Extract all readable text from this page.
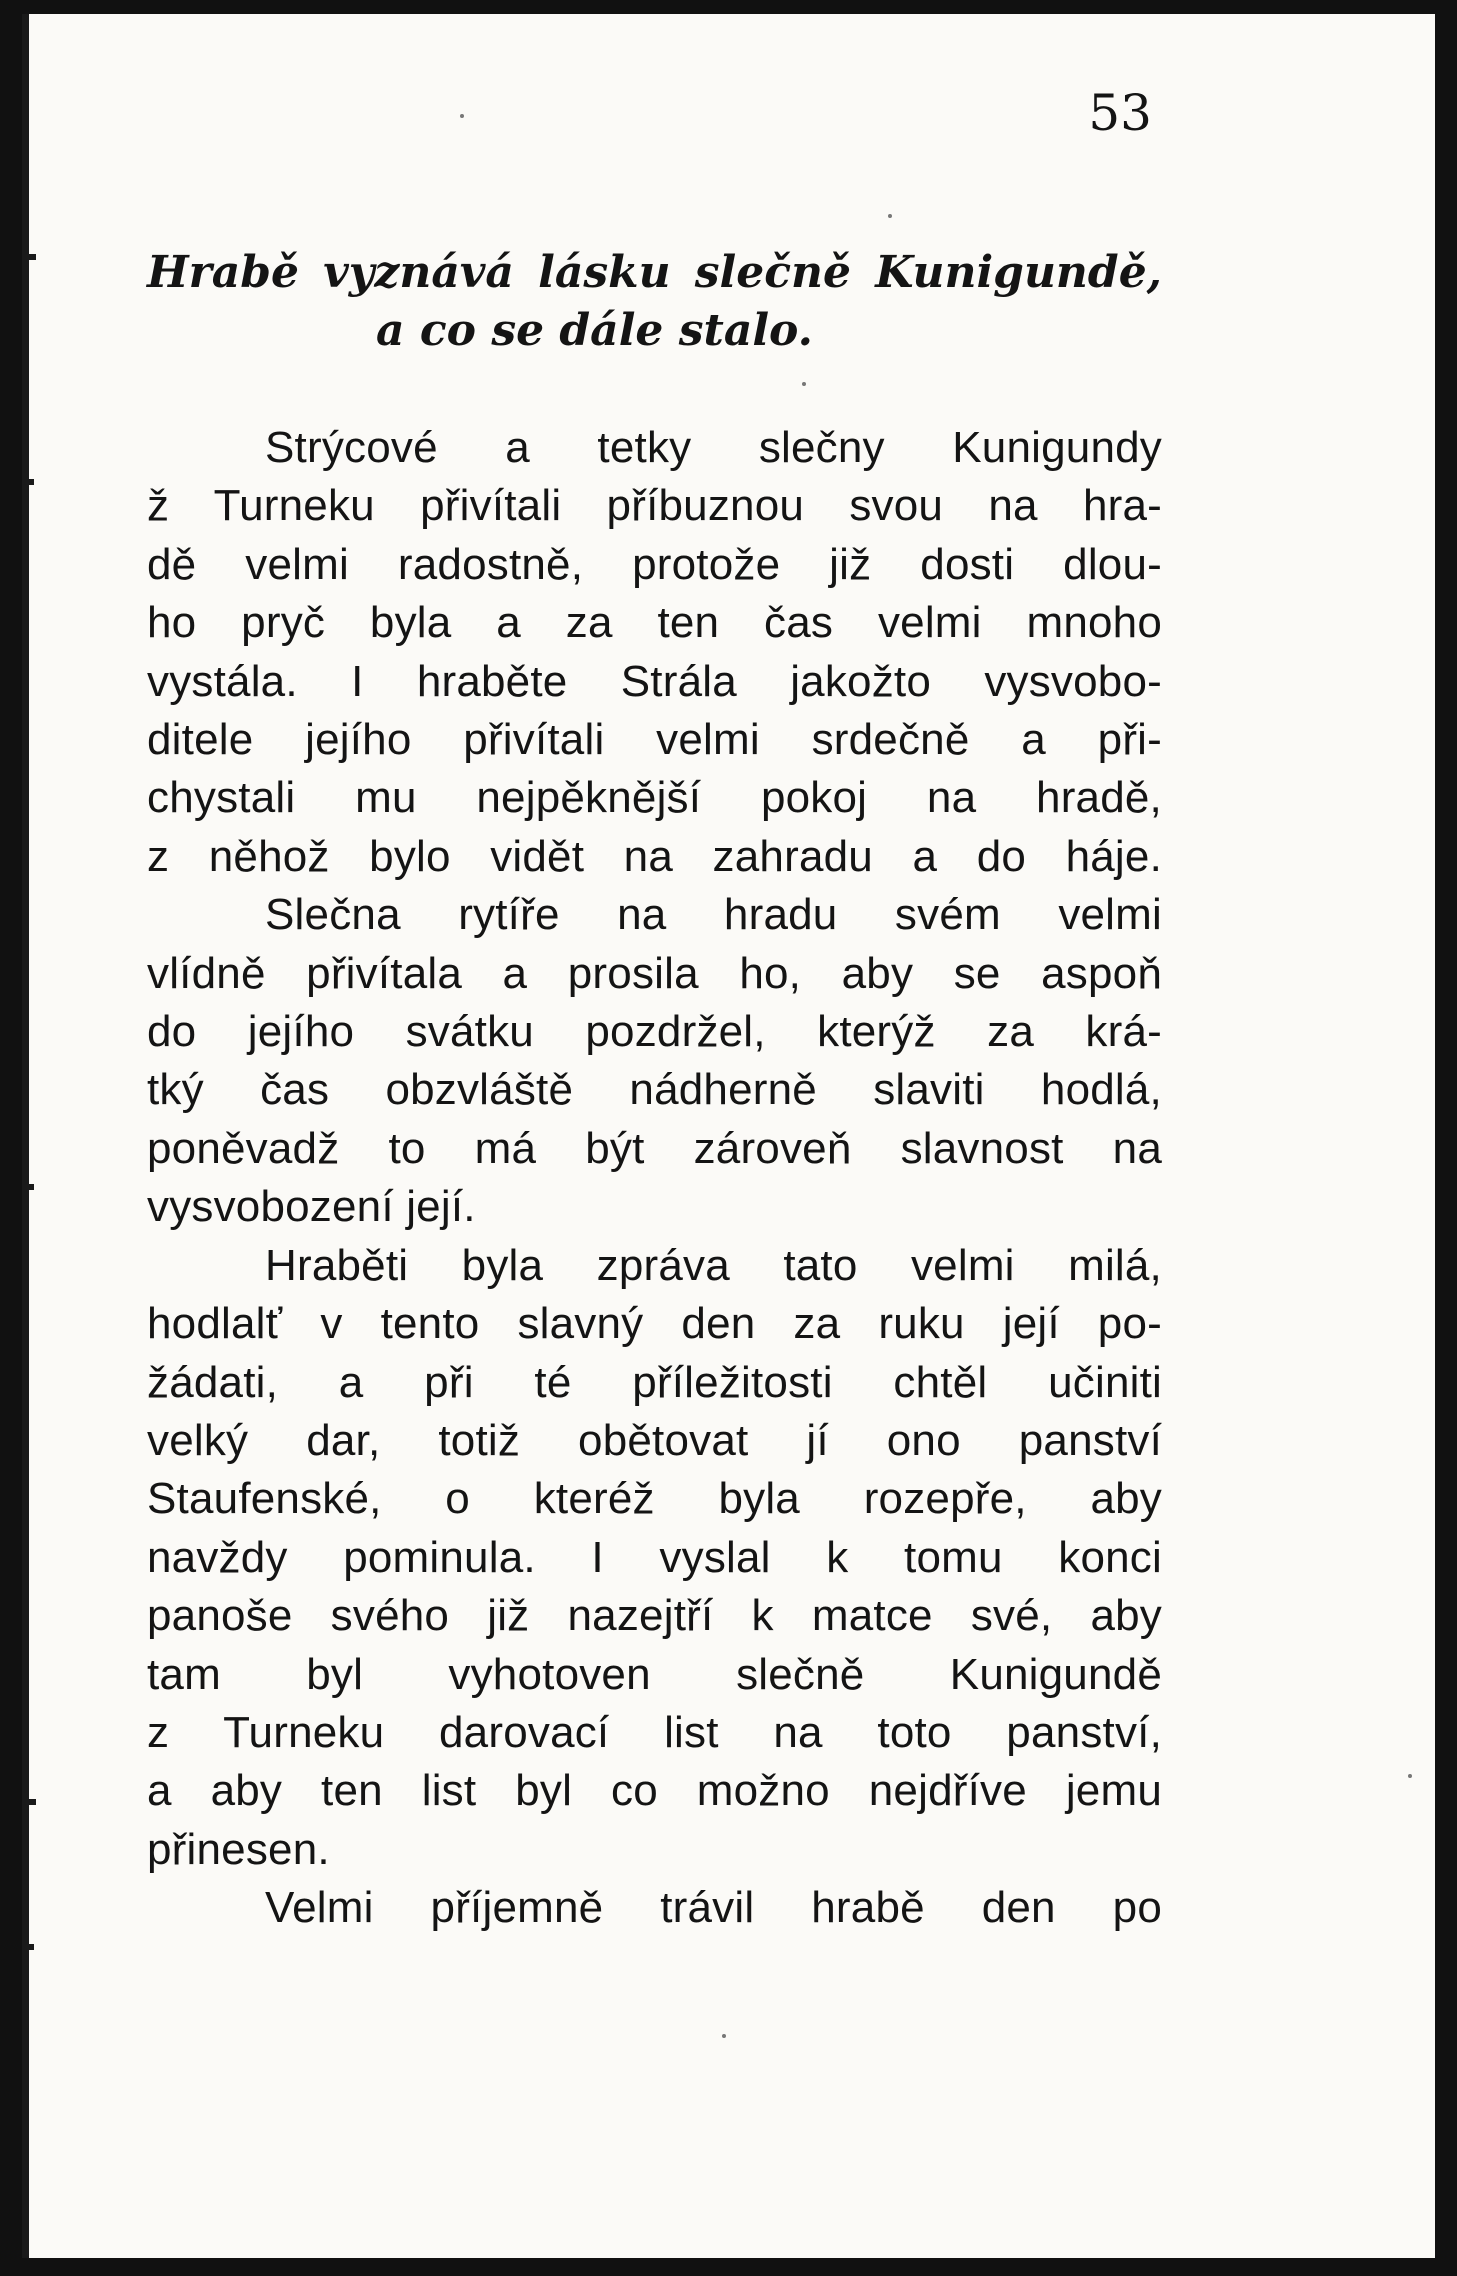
53
Hrabě vyznává lásku slečně Kunigundě,
a co se dále stalo.
Strýcové a tetky slečny Kunigundy
ž Turneku přivítali příbuznou svou na hra-
dě velmi radostně, protože již dosti dlou-
ho pryč byla a za ten čas velmi mnoho
vystála. I hraběte Strála jakožto vysvobo-
ditele jejího přivítali velmi srdečně a při-
chystali mu nejpěknější pokoj na hradě,
z něhož bylo vidět na zahradu a do háje.
Slečna rytíře na hradu svém velmi
vlídně přivítala a prosila ho, aby se aspoň
do jejího svátku pozdržel, kterýž za krá-
tký čas obzvláště nádherně slaviti hodlá,
poněvadž to má být zároveň slavnost na
vysvobození její.
Hraběti byla zpráva tato velmi milá,
hodlalť v tento slavný den za ruku její po-
žádati, a při té příležitosti chtěl učiniti
velký dar, totiž obětovat jí ono panství
Staufenské, o kteréž byla rozepře, aby
navždy pominula. I vyslal k tomu konci
panoše svého již nazejtří k matce své, aby
tam byl vyhotoven slečně Kunigundě
z Turneku darovací list na toto panství,
a aby ten list byl co možno nejdříve jemu
přinesen.
Velmi příjemně trávil hrabě den po
